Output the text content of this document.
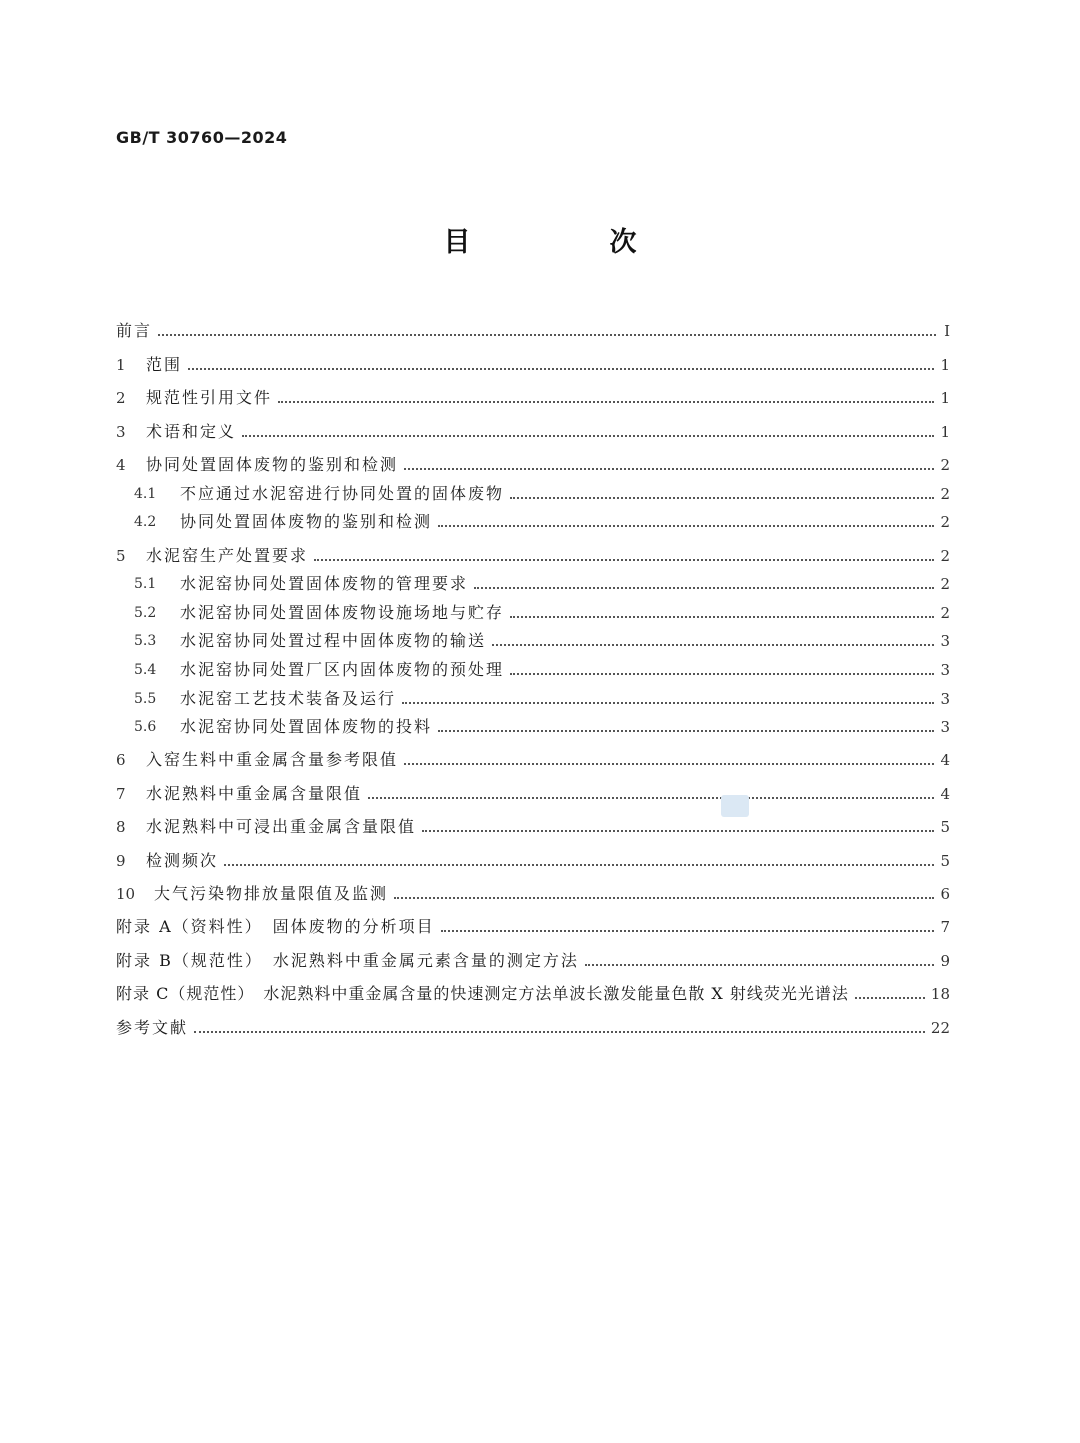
GB/T 30760—2024
目　次
前言	Ⅰ
1	范围	1
2	规范性引用文件	1
3	术语和定义	1
4	协同处置固体废物的鉴别和检测	2
4.1	不应通过水泥窑进行协同处置的固体废物	2
4.2	协同处置固体废物的鉴别和检测	2
5	水泥窑生产处置要求	2
5.1	水泥窑协同处置固体废物的管理要求	2
5.2	水泥窑协同处置固体废物设施场地与贮存	2
5.3	水泥窑协同处置过程中固体废物的输送	3
5.4	水泥窑协同处置厂区内固体废物的预处理	3
5.5	水泥窑工艺技术装备及运行	3
5.6	水泥窑协同处置固体废物的投料	3
6	入窑生料中重金属含量参考限值	4
7	水泥熟料中重金属含量限值	4
8	水泥熟料中可浸出重金属含量限值	5
9	检测频次	5
10	大气污染物排放量限值及监测	6
附录 A（资料性）　固体废物的分析项目	7
附录 B（规范性）　水泥熟料中重金属元素含量的测定方法	9
附录 C（规范性）　水泥熟料中重金属含量的快速测定方法单波长激发能量色散 X 射线荧光光谱法	18
参考文献	22
